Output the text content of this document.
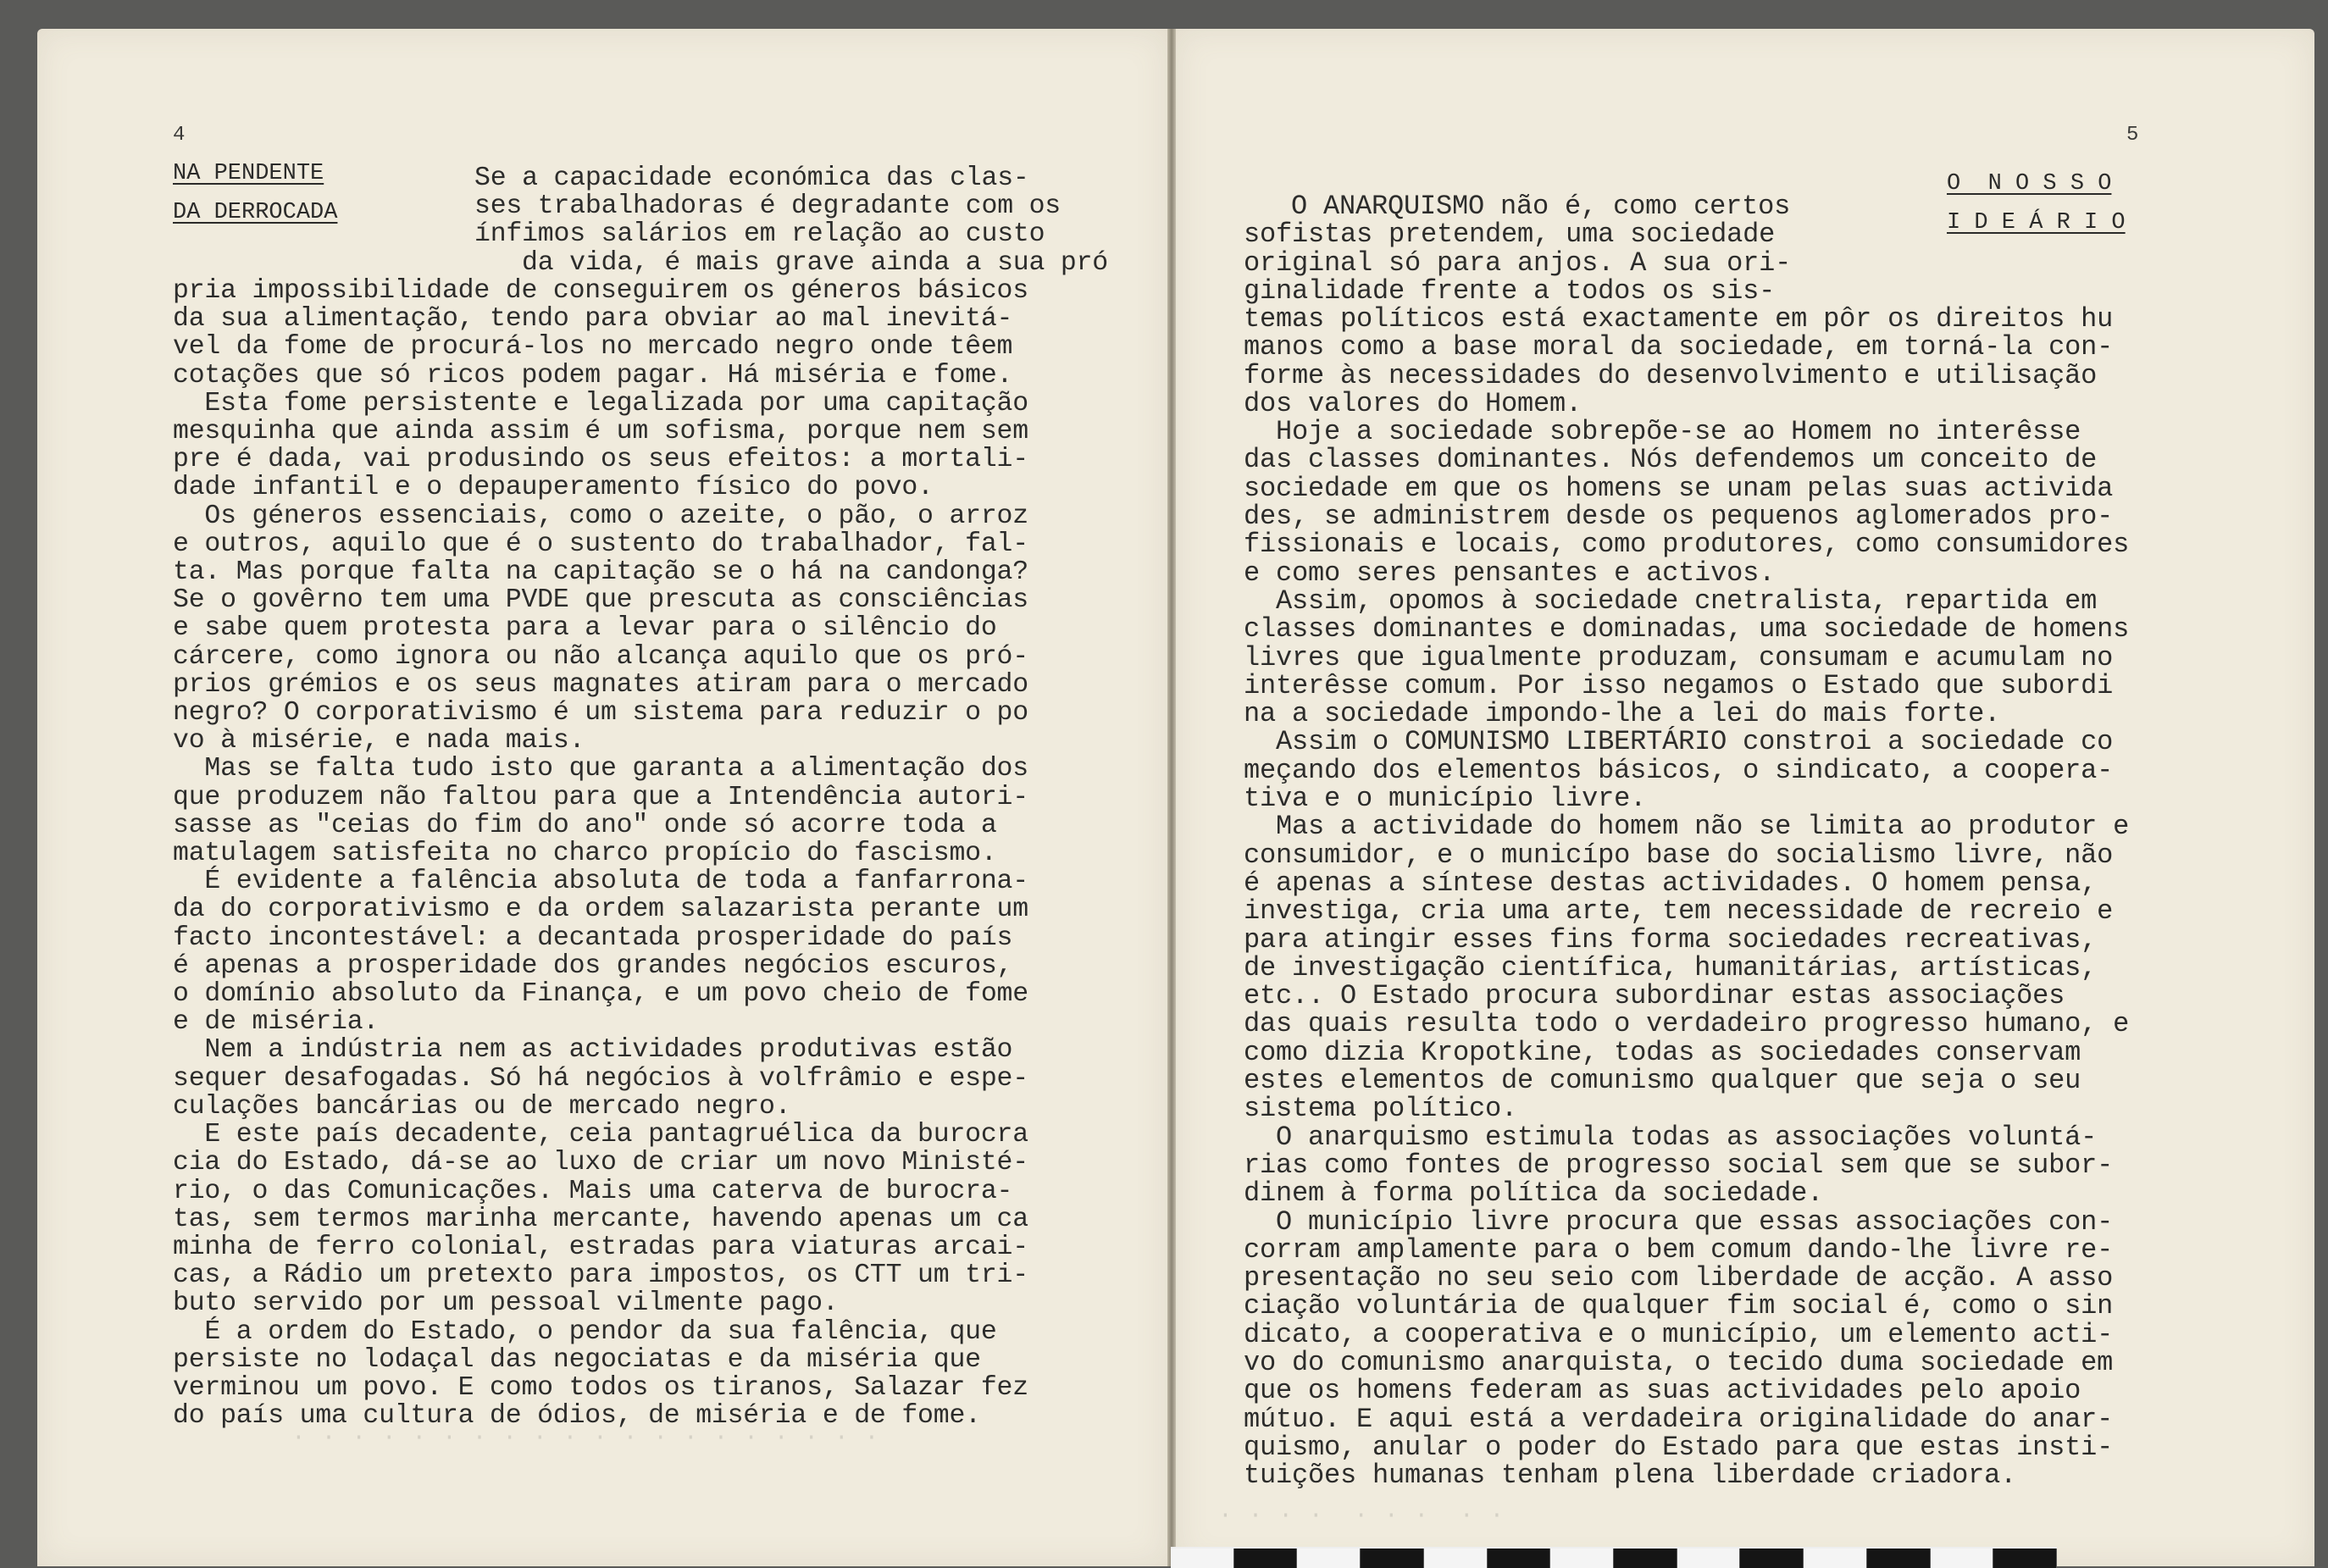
4
NA PENDENTE
DA DERROCADA
Se a capacidade económica das clas-
ses trabalhadoras é degradante com os
ínfimos salários em relação ao custo
da vida, é mais grave ainda a sua pró
pria impossibilidade de conseguirem os géneros básicos
da sua alimentação, tendo para obviar ao mal inevitá-
vel da fome de procurá-los no mercado negro onde têem
cotações que só ricos podem pagar. Há miséria e fome.
Esta fome persistente e legalizada por uma capitação
mesquinha que ainda assim é um sofisma, porque nem sem
pre é dada, vai produsindo os seus efeitos: a mortali-
dade infantil e o depauperamento físico do povo.
Os géneros essenciais, como o azeite, o pão, o arroz
e outros, aquilo que é o sustento do trabalhador, fal-
ta. Mas porque falta na capitação se o há na candonga?
Se o govêrno tem uma PVDE que prescuta as consciências
e sabe quem protesta para a levar para o silêncio do
cárcere, como ignora ou não alcança aquilo que os pró-
prios grémios e os seus magnates atiram para o mercado
negro? O corporativismo é um sistema para reduzir o po
vo à misérie, e nada mais.
Mas se falta tudo isto que garanta a alimentação dos
que produzem não faltou para que a Intendência autori-
sasse as "ceias do fim do ano" onde só acorre toda a
matulagem satisfeita no charco propício do fascismo.
É evidente a falência absoluta de toda a fanfarrona-
da do corporativismo e da ordem salazarista perante um
facto incontestável: a decantada prosperidade do país
é apenas a prosperidade dos grandes negócios escuros,
o domínio absoluto da Finança, e um povo cheio de fome
e de miséria.
Nem a indústria nem as actividades produtivas estão
sequer desafogadas. Só há negócios à volfrâmio e espe-
culações bancárias ou de mercado negro.
E este país decadente, ceia pantagruélica da burocra
cia do Estado, dá-se ao luxo de criar um novo Ministé-
rio, o das Comunicações. Mais uma caterva de burocra-
tas, sem termos marinha mercante, havendo apenas um ca
minha de ferro colonial, estradas para viaturas arcai-
cas, a Rádio um pretexto para impostos, os CTT um tri-
buto servido por um pessoal vilmente pago.
É a ordem do Estado, o pendor da sua falência, que
persiste no lodaçal das negociatas e da miséria que
verminou um povo. E como todos os tiranos, Salazar fez
do país uma cultura de ódios, de miséria e de fome.
· · · · · · · · · · · · · · · · · · · ·
5
O  N O S S O
I D E Á R I O
O ANARQUISMO não é, como certos
sofistas pretendem, uma sociedade
original só para anjos. A sua ori-
ginalidade frente a todos os sis-
temas políticos está exactamente em pôr os direitos hu
manos como a base moral da sociedade, em torná-la con-
forme às necessidades do desenvolvimento e utilisação
dos valores do Homem.
Hoje a sociedade sobrepõe-se ao Homem no interêsse
das classes dominantes. Nós defendemos um conceito de
sociedade em que os homens se unam pelas suas activida
des, se administrem desde os pequenos aglomerados pro-
fissionais e locais, como produtores, como consumidores
e como seres pensantes e activos.
Assim, opomos à sociedade cnetralista, repartida em
classes dominantes e dominadas, uma sociedade de homens
livres que igualmente produzam, consumam e acumulam no
interêsse comum. Por isso negamos o Estado que subordi
na a sociedade impondo-lhe a lei do mais forte.
Assim o COMUNISMO LIBERTÁRIO constroi a sociedade co
meçando dos elementos básicos, o sindicato, a coopera-
tiva e o município livre.
Mas a actividade do homem não se limita ao produtor e
consumidor, e o municípo base do socialismo livre, não
é apenas a síntese destas actividades. O homem pensa,
investiga, cria uma arte, tem necessidade de recreio e
para atingir esses fins forma sociedades recreativas,
de investigação científica, humanitárias, artísticas,
etc.. O Estado procura subordinar estas associações
das quais resulta todo o verdadeiro progresso humano, e
como dizia Kropotkine, todas as sociedades conservam
estes elementos de comunismo qualquer que seja o seu
sistema político.
O anarquismo estimula todas as associações voluntá-
rias como fontes de progresso social sem que se subor-
dinem à forma política da sociedade.
O município livre procura que essas associações con-
corram amplamente para o bem comum dando-lhe livre re-
presentação no seu seio com liberdade de acção. A asso
ciação voluntária de qualquer fim social é, como o sin
dicato, a cooperativa e o município, um elemento acti-
vo do comunismo anarquista, o tecido duma sociedade em
que os homens federam as suas actividades pelo apoio
mútuo. E aqui está a verdadeira originalidade do anar-
quismo, anular o poder do Estado para que estas insti-
tuições humanas tenham plena liberdade criadora.
· · · ·  · · ·  · ·
